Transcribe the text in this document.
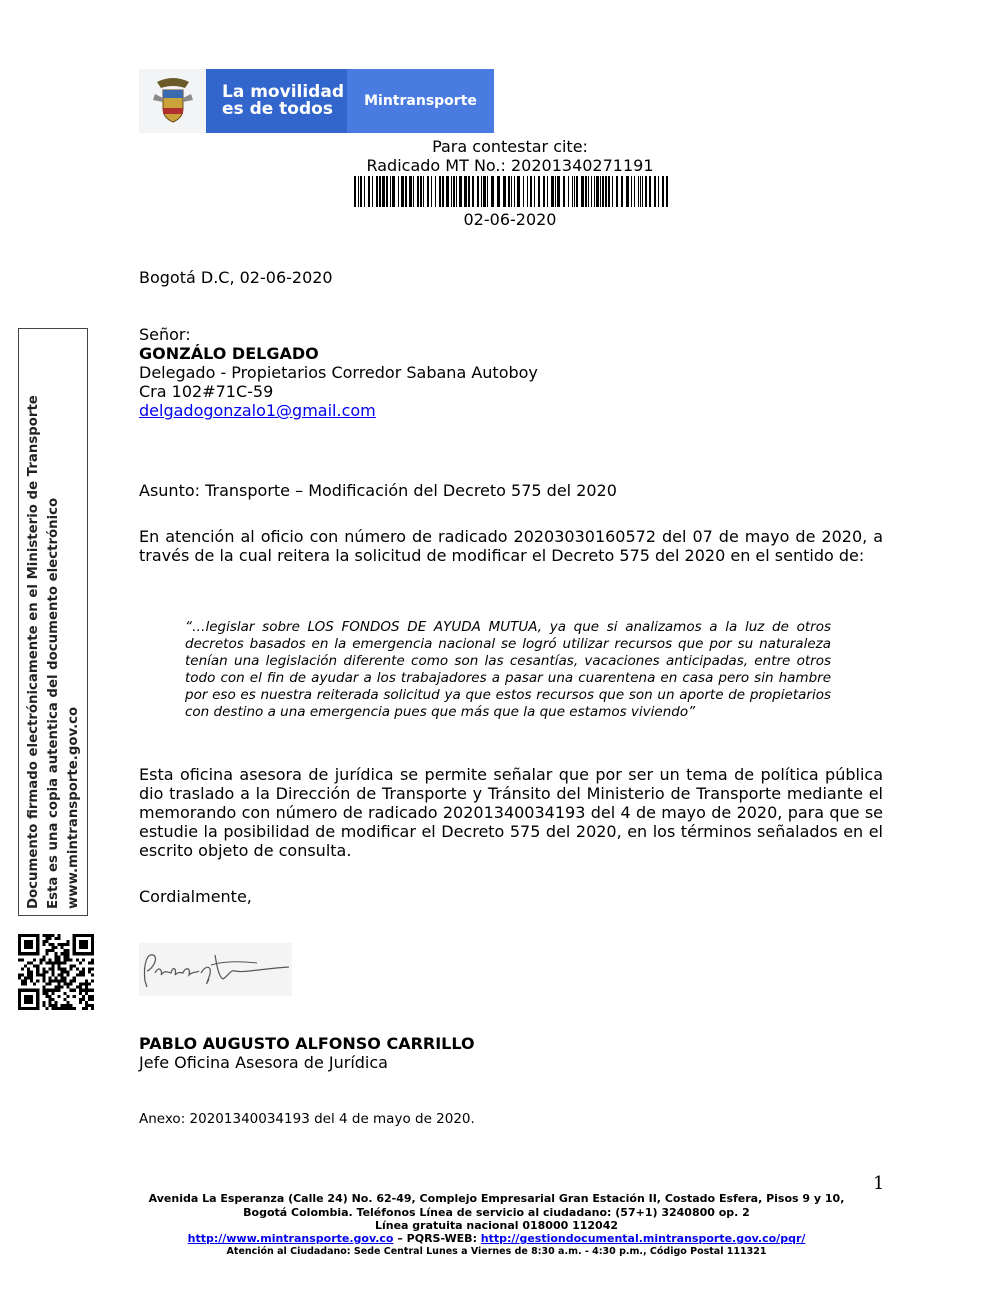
La movilidad
es de todos	Mintransporte
Para contestar cite:
Radicado MT No.: 20201340271191
02-06-2020
Bogotá D.C, 02-06-2020
Señor:
GONZÁLO DELGADO
Delegado - Propietarios Corredor Sabana Autoboy
Cra 102#71C-59
delgadogonzalo1@gmail.com
Asunto: Transporte – Modificación del Decreto 575 del 2020
En atención al oficio con número de radicado 20203030160572 del 07 de mayo de 2020, a través de la cual reitera la solicitud de modificar el Decreto 575 del 2020 en el sentido de:
“…legislar sobre LOS FONDOS DE AYUDA MUTUA, ya que si analizamos a la luz de otros decretos basados en la emergencia nacional se logró utilizar recursos que por su naturaleza tenían una legislación diferente como son las cesantías, vacaciones anticipadas, entre otros todo con el fin de ayudar a los trabajadores a pasar una cuarentena en casa pero sin hambre por eso es nuestra reiterada solicitud ya que estos recursos que son un aporte de propietarios con destino a una emergencia pues que más que la que estamos viviendo”
Esta oficina asesora de jurídica se permite señalar que por ser un tema de política pública dio traslado a la Dirección de Transporte y Tránsito del Ministerio de Transporte mediante el memorando con número de radicado 20201340034193 del 4 de mayo de 2020, para que se estudie la posibilidad de modificar el Decreto 575 del 2020, en los términos señalados en el escrito objeto de consulta.
Cordialmente,
Documento firmado electrónicamente en el Ministerio de Transporte Esta es una copia autentica del documento electrónico www.mintransporte.gov.co
PABLO AUGUSTO ALFONSO CARRILLO
Jefe Oficina Asesora de Jurídica
Anexo: 20201340034193 del 4 de mayo de 2020.
1
Avenida La Esperanza (Calle 24) No. 62-49, Complejo Empresarial Gran Estación II, Costado Esfera, Pisos 9 y 10, Bogotá Colombia. Teléfonos Línea de servicio al ciudadano: (57+1) 3240800 op. 2
Línea gratuita nacional 018000 112042
http://www.mintransporte.gov.co – PQRS-WEB: http://gestiondocumental.mintransporte.gov.co/pqr/
Atención al Ciudadano: Sede Central Lunes a Viernes de 8:30 a.m. - 4:30 p.m., Código Postal 111321
